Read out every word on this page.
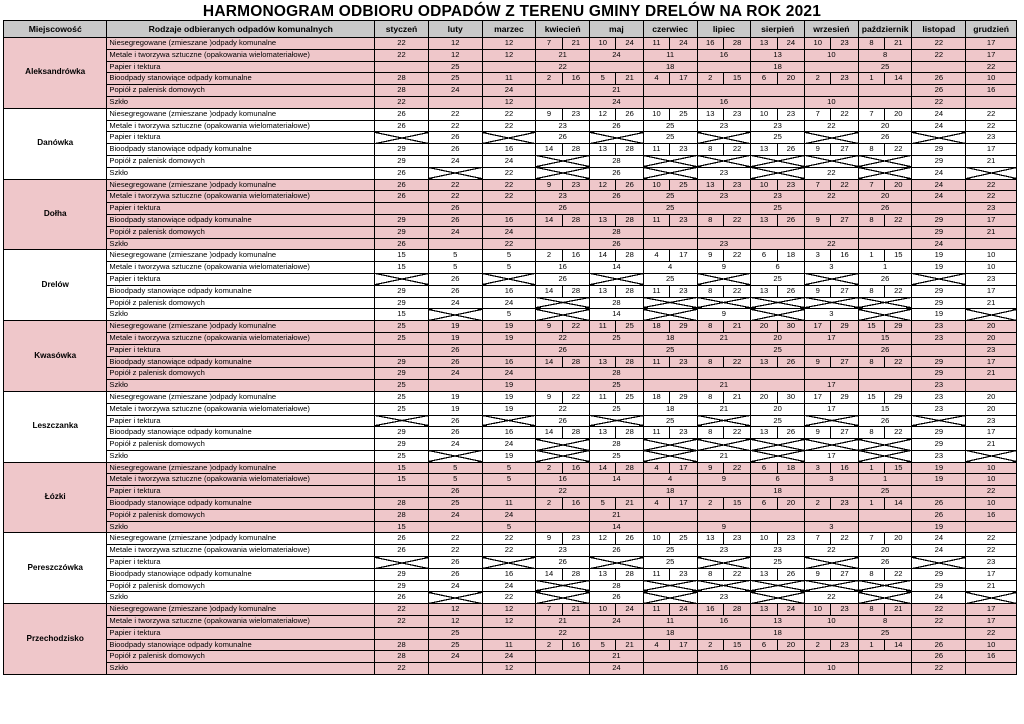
HARMONOGRAM ODBIORU ODPADÓW Z TERENU GMINY DRELÓW NA ROK 2021
Miejscowość	Rodzaje odbieranych odpadów komunalnych	styczeń	luty	marzec	kwiecień		maj		czerwiec		lipiec		sierpień		wrzesień		październik		listopad	grudzień
Aleksandrówka	Niesegregowane (zmieszane )odpady komunalne	22	12	12	7	21	10	24	11	24	16	28	13	24	10	23	8	21	22	17
	Metale i tworzywa sztuczne (opakowania wielomateriałowe)	22	12	12	21		24		11		16		13		10		8		22	17
	Papier i tektura		25		22				18				18				25			22
	Bioodpady stanowiące odpady komunalne	28	25	11	2	16	5	21	4	17	2	15	6	20	2	23	1	14	26	10
	Popiół z palenisk domowych	28	24	24			21												26	16
	Szkło	22		12			24				16				10				22	
Danówka	Niesegregowane (zmieszane )odpady komunalne	26	22	22	9	23	12	26	10	25	13	23	10	23	7	22	7	20	24	22
	Metale i tworzywa sztuczne (opakowania wielomateriałowe)	26	22	22	23		26		25		23		23		22		20		24	22
	Papier i tektura		26		26				25				25				26			23
	Bioodpady stanowiące odpady komunalne	29	26	16	14	28	13	28	11	23	8	22	13	26	9	27	8	22	29	17
	Popiół z palenisk domowych	29	24	24			28												29	21
	Szkło	26		22			26				23				22				24	
Dołha	Niesegregowane (zmieszane )odpady komunalne	26	22	22	9	23	12	26	10	25	13	23	10	23	7	22	7	20	24	22
	Metale i tworzywa sztuczne (opakowania wielomateriałowe)	26	22	22	23		26		25		23		23		22		20		24	22
	Papier i tektura		26		26				25				25				26			23
	Bioodpady stanowiące odpady komunalne	29	26	16	14	28	13	28	11	23	8	22	13	26	9	27	8	22	29	17
	Popiół z palenisk domowych	29	24	24			28												29	21
	Szkło	26		22			26				23				22				24	
Drelów	Niesegregowane (zmieszane )odpady komunalne	15	5	5	2	16	14	28	4	17	9	22	6	18	3	16	1	15	19	10
	Metale i tworzywa sztuczne (opakowania wielomateriałowe)	15	5	5	16		14		4		9		6		3		1		19	10
	Papier i tektura		26		26				25				25				26			23
	Bioodpady stanowiące odpady komunalne	29	26	16	14	28	13	28	11	23	8	22	13	26	9	27	8	22	29	17
	Popiół z palenisk domowych	29	24	24			28												29	21
	Szkło	15		5			14				9				3				19	
Kwasówka	Niesegregowane (zmieszane )odpady komunalne	25	19	19	9	22	11	25	18	29	8	21	20	30	17	29	15	29	23	20
	Metale i tworzywa sztuczne (opakowania wielomateriałowe)	25	19	19	22		25		18		21		20		17		15		23	20
	Papier i tektura		26		26				25				25				26			23
	Bioodpady stanowiące odpady komunalne	29	26	16	14	28	13	28	11	23	8	22	13	26	9	27	8	22	29	17
	Popiół z palenisk domowych	29	24	24			28												29	21
	Szkło	25		19			25				21				17				23	
Leszczanka	Niesegregowane (zmieszane )odpady komunalne	25	19	19	9	22	11	25	18	29	8	21	20	30	17	29	15	29	23	20
	Metale i tworzywa sztuczne (opakowania wielomateriałowe)	25	19	19	22		25		18		21		20		17		15		23	20
	Papier i tektura		26		26				25				25				26			23
	Bioodpady stanowiące odpady komunalne	29	26	16	14	28	13	28	11	23	8	22	13	26	9	27	8	22	29	17
	Popiół z palenisk domowych	29	24	24			28												29	21
	Szkło	25		19			25				21				17				23	
Łózki	Niesegregowane (zmieszane )odpady komunalne	15	5	5	2	16	14	28	4	17	9	22	6	18	3	16	1	15	19	10
	Metale i tworzywa sztuczne (opakowania wielomateriałowe)	15	5	5	16		14		4		9		6		3		1		19	10
	Papier i tektura		26		22				18				18				25			22
	Bioodpady stanowiące odpady komunalne	28	25	11	2	16	5	21	4	17	2	15	6	20	2	23	1	14	26	10
	Popiół z palenisk domowych	28	24	24			21												26	16
	Szkło	15		5			14				9				3				19	
Pereszczówka	Niesegregowane (zmieszane )odpady komunalne	26	22	22	9	23	12	26	10	25	13	23	10	23	7	22	7	20	24	22
	Metale i tworzywa sztuczne (opakowania wielomateriałowe)	26	22	22	23		26		25		23		23		22		20		24	22
	Papier i tektura		26		26				25				25				26			23
	Bioodpady stanowiące odpady komunalne	29	26	16	14	28	13	28	11	23	8	22	13	26	9	27	8	22	29	17
	Popiół z palenisk domowych	29	24	24			28												29	21
	Szkło	26		22			26				23				22				24	
Przechodzisko	Niesegregowane (zmieszane )odpady komunalne	22	12	12	7	21	10	24	11	24	16	28	13	24	10	23	8	21	22	17
	Metale i tworzywa sztuczne (opakowania wielomateriałowe)	22	12	12	21		24		11		16		13		10		8		22	17
	Papier i tektura		25		22				18				18				25			22
	Bioodpady stanowiące odpady komunalne	28	25	11	2	16	5	21	4	17	2	15	6	20	2	23	1	14	26	10
	Popiół z palenisk domowych	28	24	24			21												26	16
	Szkło	22		12			24				16				10				22	
